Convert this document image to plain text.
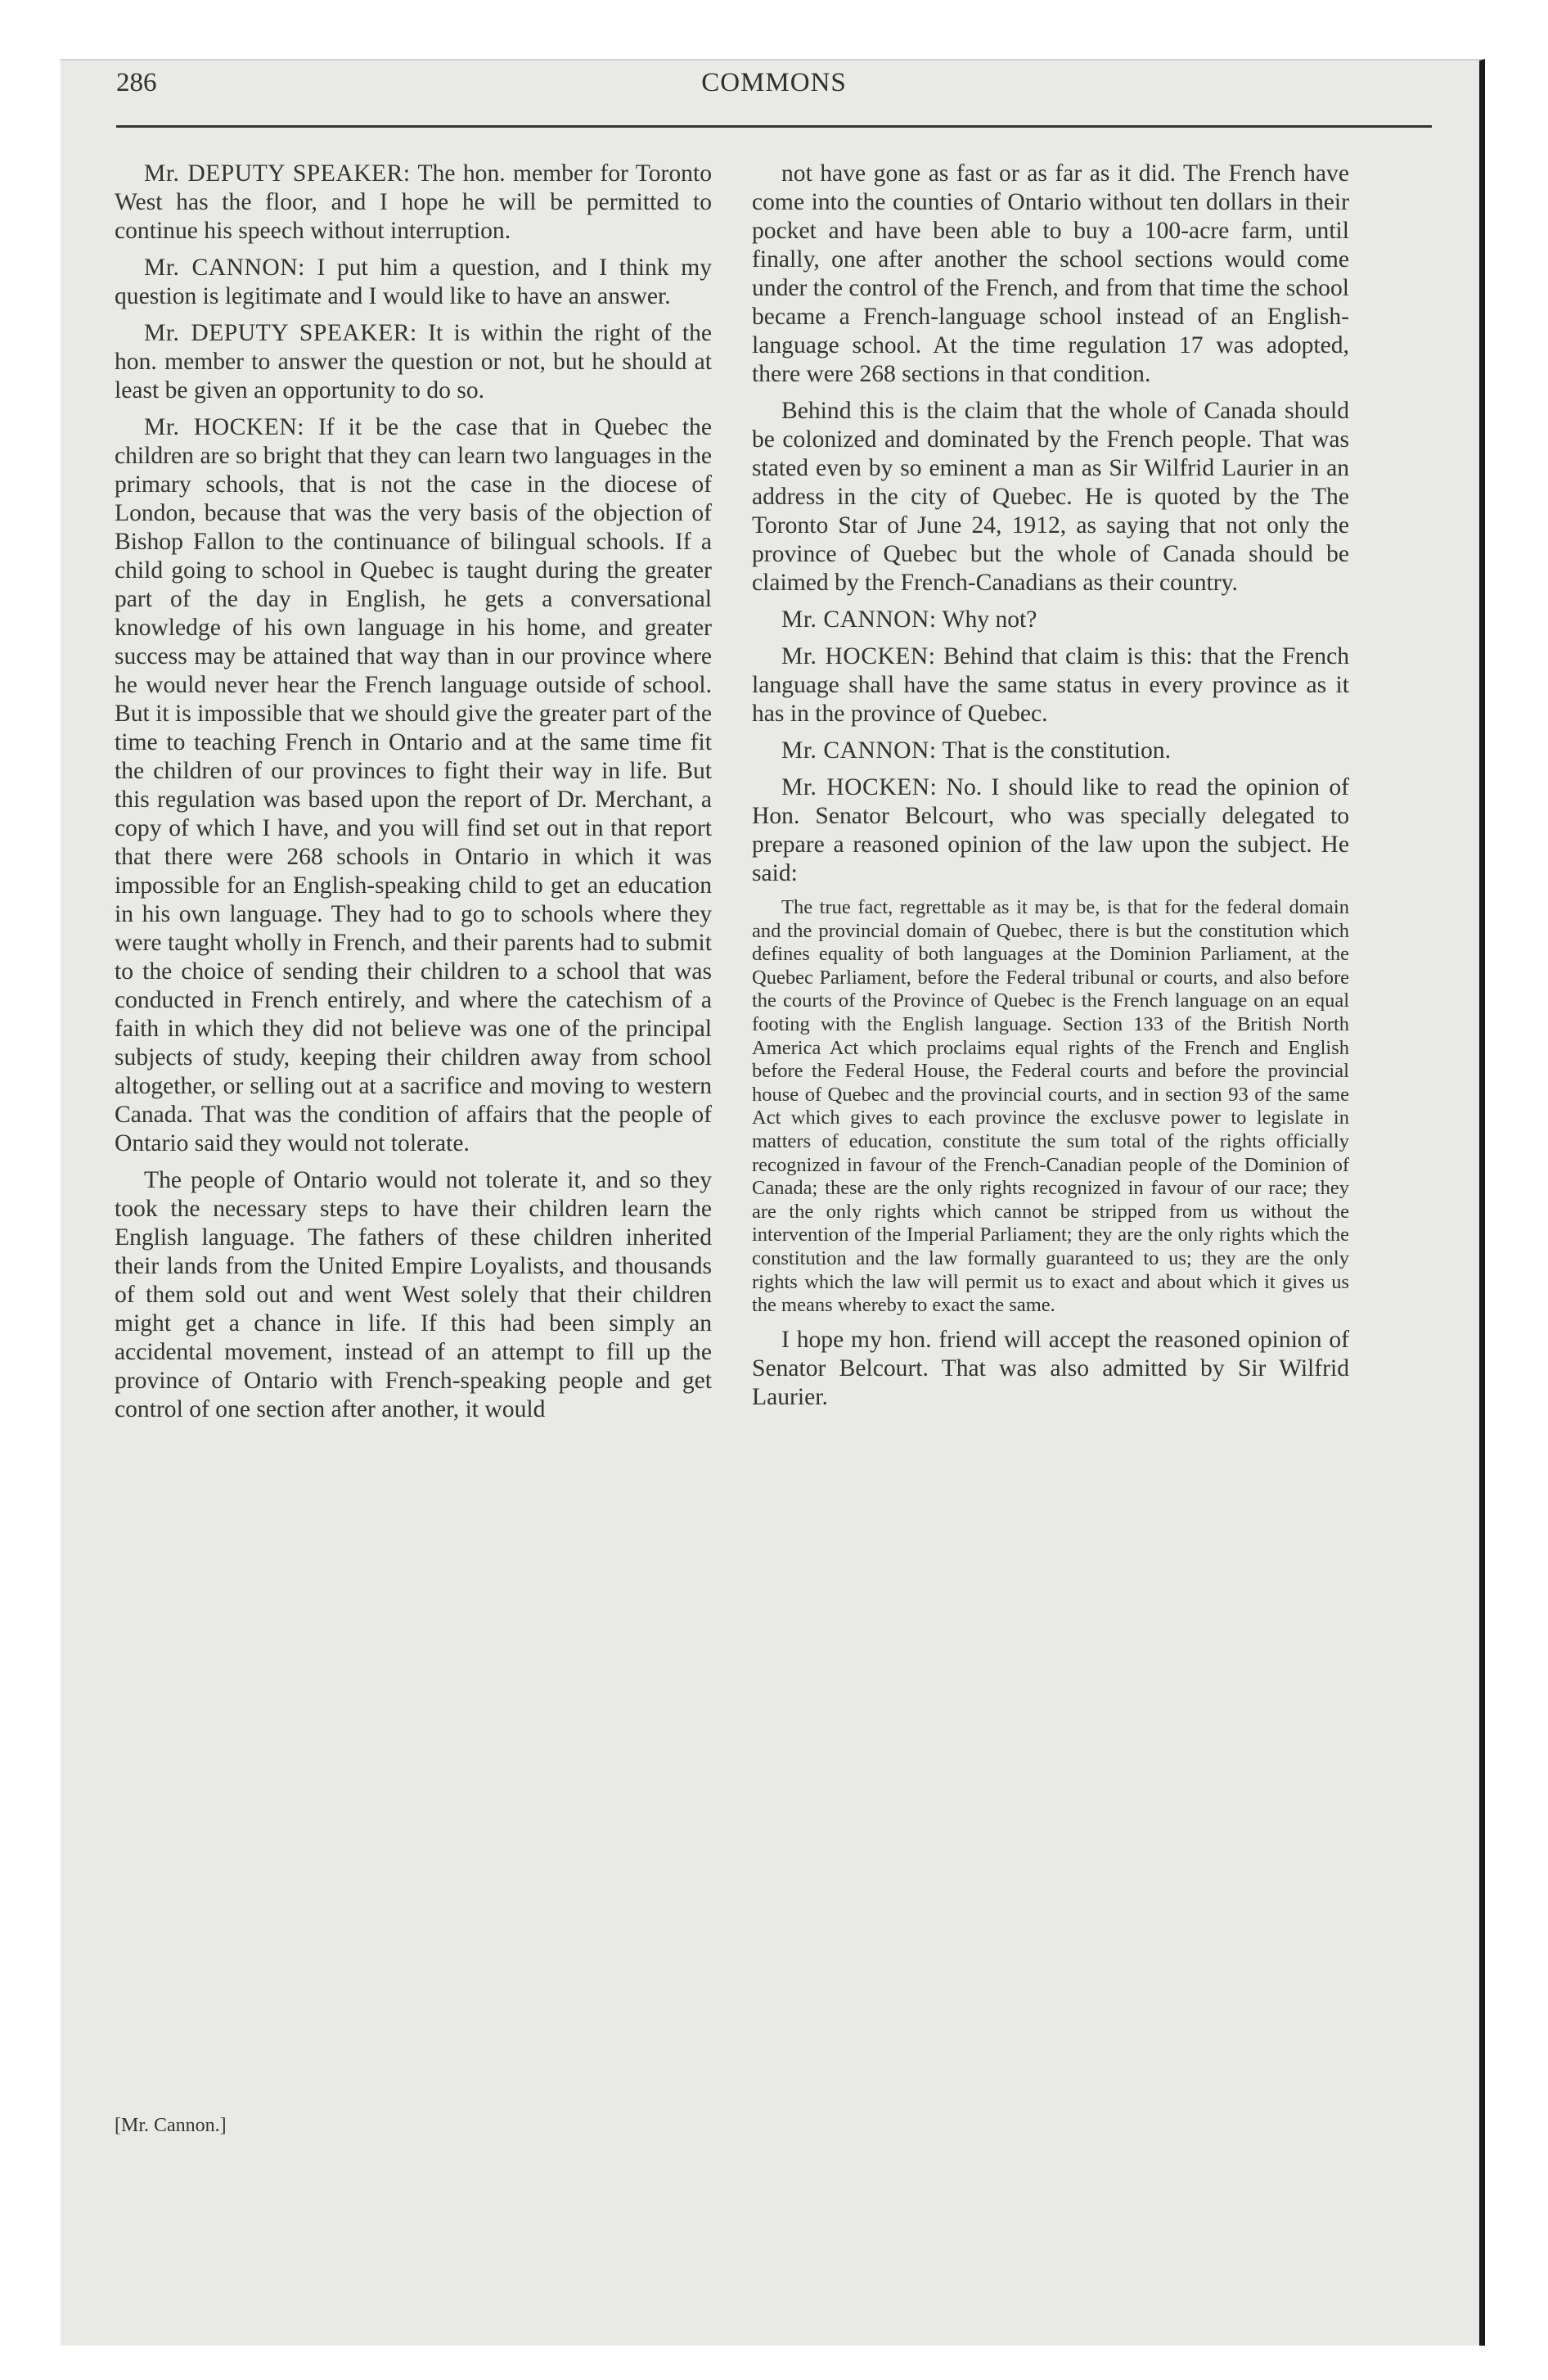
286	COMMONS

Mr. DEPUTY SPEAKER: The hon. member for Toronto West has the floor, and I hope he will be permitted to continue his speech without interruption.

Mr. CANNON: I put him a question, and I think my question is legitimate and I would like to have an answer.

Mr. DEPUTY SPEAKER: It is within the right of the hon. member to answer the question or not, but he should at least be given an opportunity to do so.

Mr. HOCKEN: If it be the case that in Quebec the children are so bright that they can learn two languages in the primary schools, that is not the case in the diocese of London, because that was the very basis of the objection of Bishop Fallon to the continuance of bilingual schools. If a child going to school in Quebec is taught during the greater part of the day in English, he gets a conversational knowledge of his own language in his home, and greater success may be attained that way than in our province where he would never hear the French language outside of school. But it is impossible that we should give the greater part of the time to teaching French in Ontario and at the same time fit the children of our provinces to fight their way in life. But this regulation was based upon the report of Dr. Merchant, a copy of which I have, and you will find set out in that report that there were 268 schools in Ontario in which it was impossible for an English-speaking child to get an education in his own language. They had to go to schools where they were taught wholly in French, and their parents had to submit to the choice of sending their children to a school that was conducted in French entirely, and where the catechism of a faith in which they did not believe was one of the principal subjects of study, keeping their children away from school altogether, or selling out at a sacrifice and moving to western Canada. That was the condition of affairs that the people of Ontario said they would not tolerate.

The people of Ontario would not tolerate it, and so they took the necessary steps to have their children learn the English language. The fathers of these children inherited their lands from the United Empire Loyalists, and thousands of them sold out and went West solely that their children might get a chance in life. If this had been simply an accidental movement, instead of an attempt to fill up the province of Ontario with French-speaking people and get control of one section after another, it would

[Mr. Cannon.]

not have gone as fast or as far as it did. The French have come into the counties of Ontario without ten dollars in their pocket and have been able to buy a 100-acre farm, until finally, one after another the school sections would come under the control of the French, and from that time the school became a French-language school instead of an English-language school. At the time regulation 17 was adopted, there were 268 sections in that condition.

Behind this is the claim that the whole of Canada should be colonized and dominated by the French people. That was stated even by so eminent a man as Sir Wilfrid Laurier in an address in the city of Quebec. He is quoted by the The Toronto Star of June 24, 1912, as saying that not only the province of Quebec but the whole of Canada should be claimed by the French-Canadians as their country.

Mr. CANNON: Why not?

Mr. HOCKEN: Behind that claim is this: that the French language shall have the same status in every province as it has in the province of Quebec.

Mr. CANNON: That is the constitution.

Mr. HOCKEN: No. I should like to read the opinion of Hon. Senator Belcourt, who was specially delegated to prepare a reasoned opinion of the law upon the subject. He said:

The true fact, regrettable as it may be, is that for the federal domain and the provincial domain of Quebec, there is but the constitution which defines equality of both languages at the Dominion Parliament, at the Quebec Parliament, before the Federal tribunal or courts, and also before the courts of the Province of Quebec is the French language on an equal footing with the English language. Section 133 of the British North America Act which proclaims equal rights of the French and English before the Federal House, the Federal courts and before the provincial house of Quebec and the provincial courts, and in section 93 of the same Act which gives to each province the exclusve power to legislate in matters of education, constitute the sum total of the rights officially recognized in favour of the French-Canadian people of the Dominion of Canada; these are the only rights recognized in favour of our race; they are the only rights which cannot be stripped from us without the intervention of the Imperial Parliament; they are the only rights which the constitution and the law formally guaranteed to us; they are the only rights which the law will permit us to exact and about which it gives us the means whereby to exact the same.

I hope my hon. friend will accept the reasoned opinion of Senator Belcourt. That was also admitted by Sir Wilfrid Laurier.
